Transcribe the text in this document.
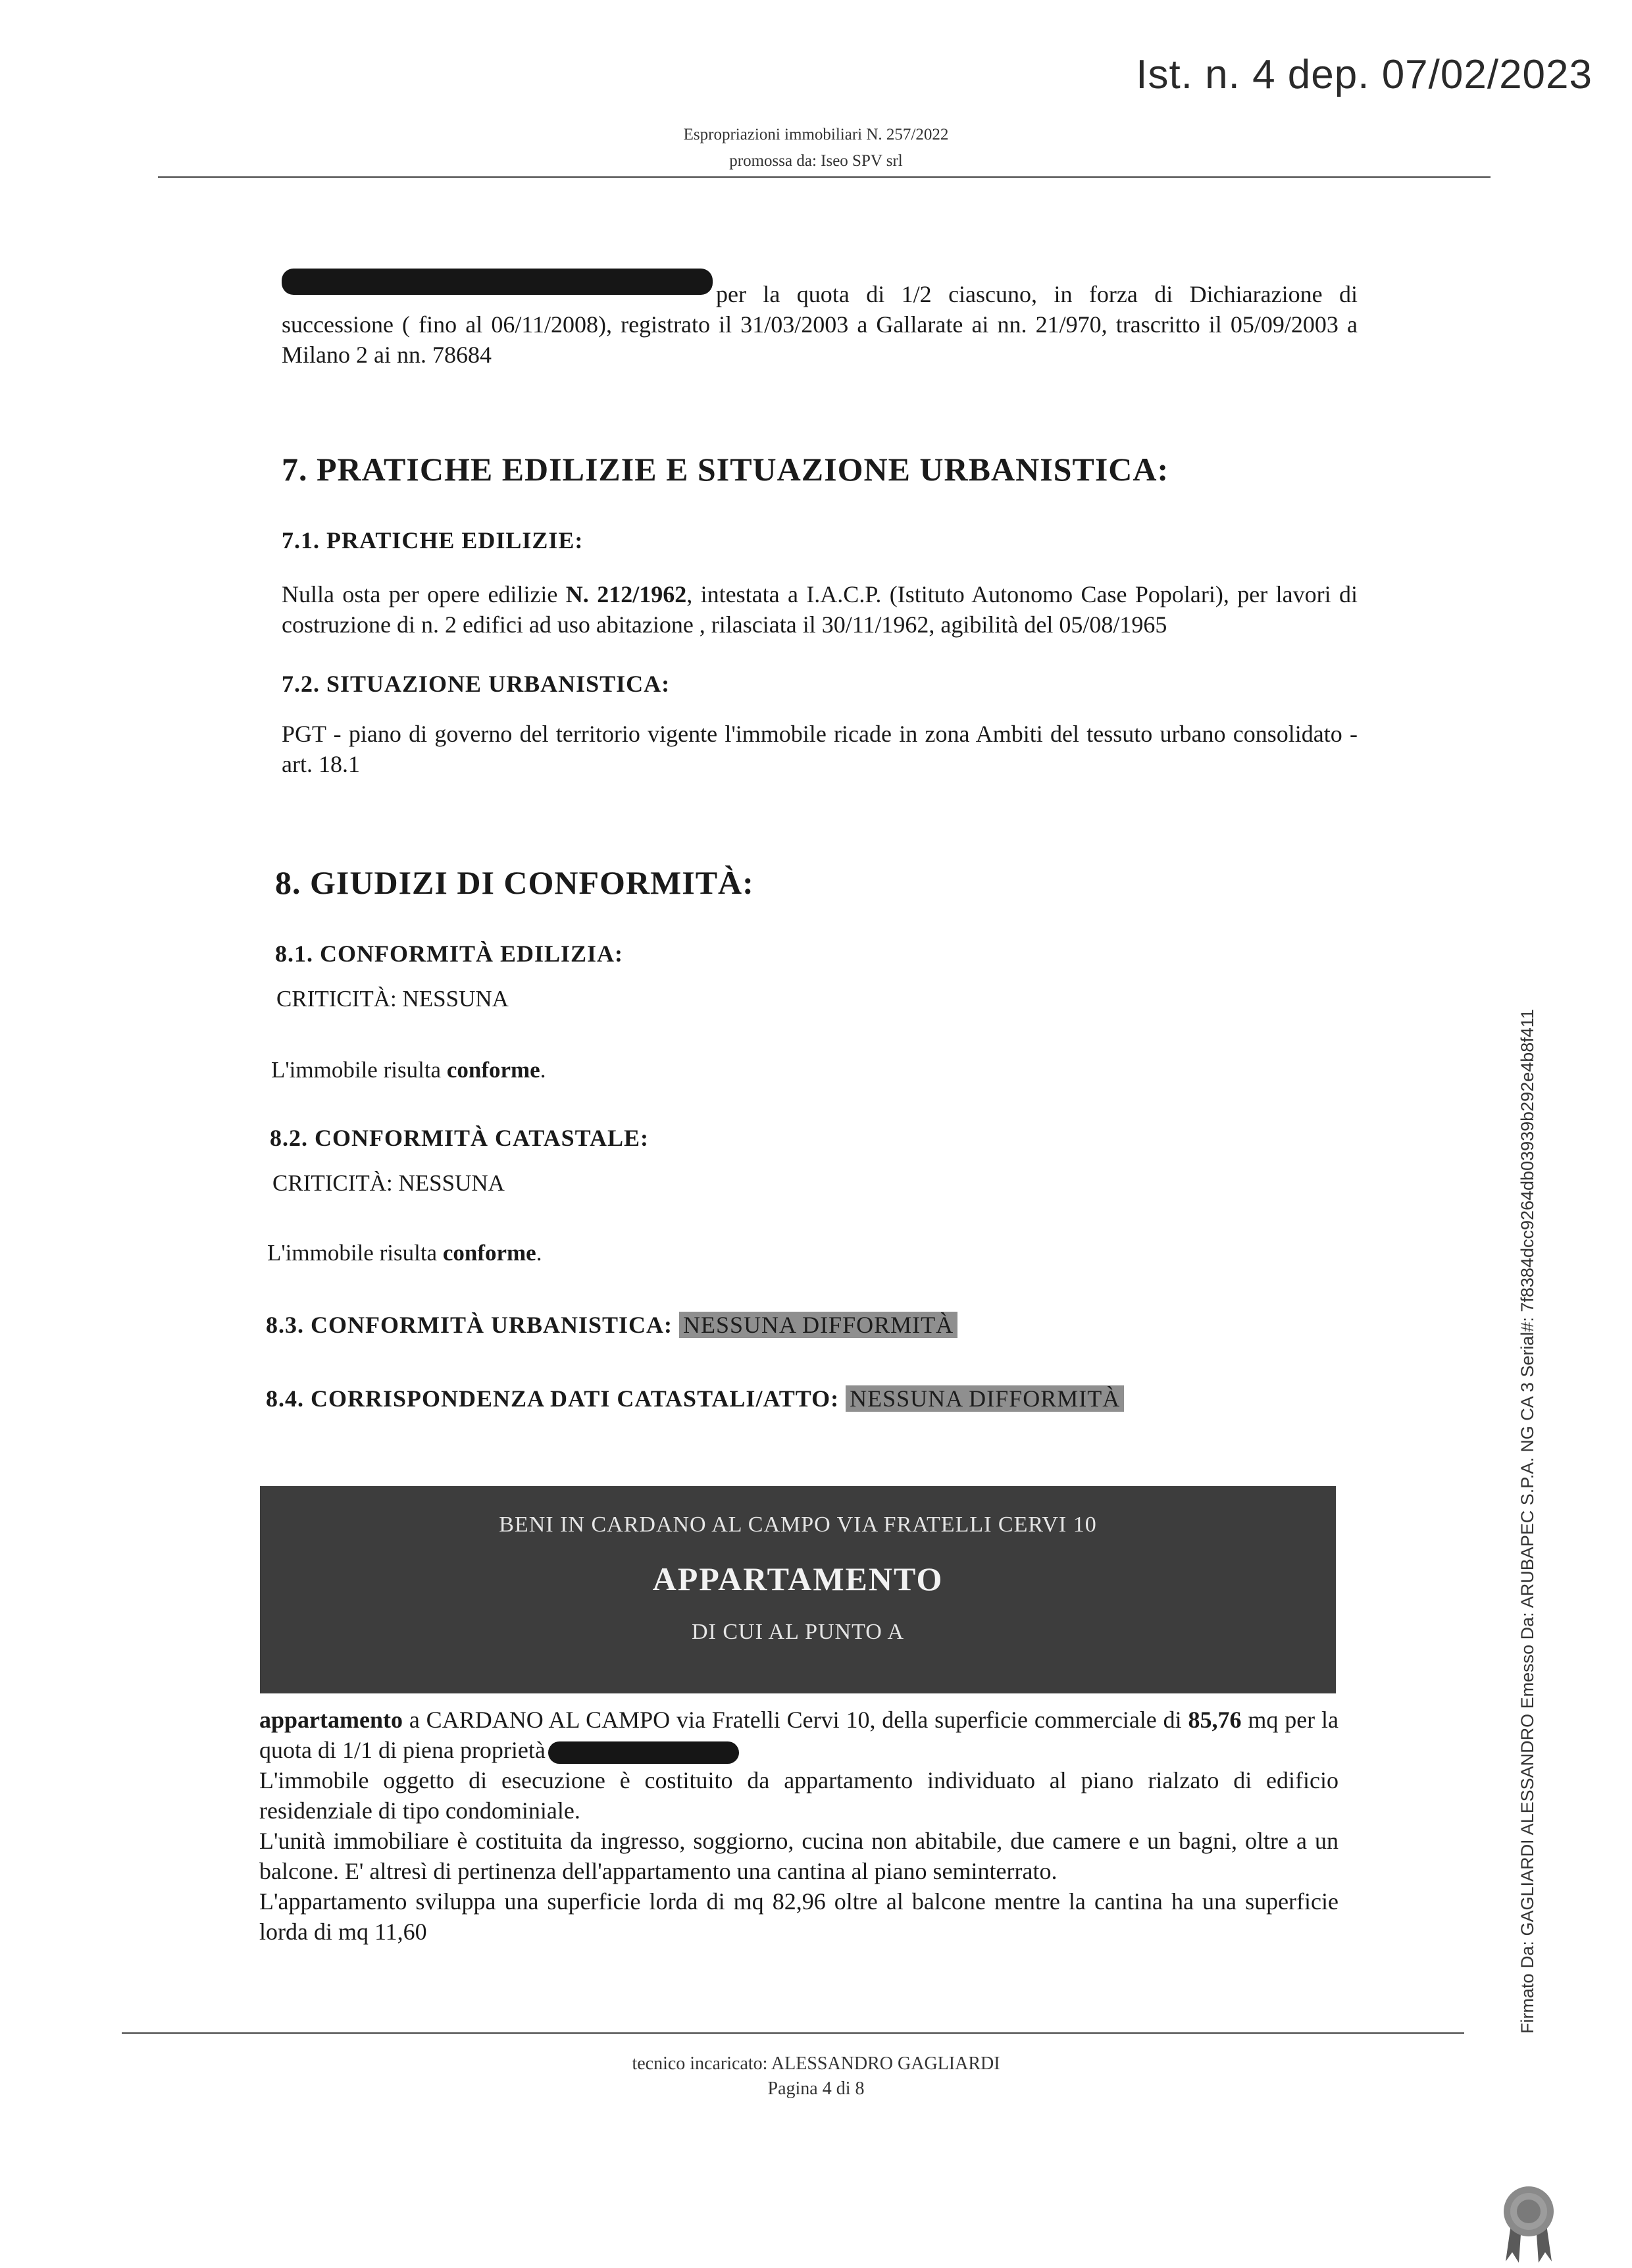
Ist. n. 4 dep. 07/02/2023
Espropriazioni immobiliari N. 257/2022
promossa da: Iseo SPV srl
per la quota di 1/2 ciascuno, in forza di Dichiarazione di successione ( fino al 06/11/2008), registrato il 31/03/2003 a Gallarate ai nn. 21/970, trascritto il 05/09/2003 a Milano 2 ai nn. 78684
7. PRATICHE EDILIZIE E SITUAZIONE URBANISTICA:
7.1. PRATICHE EDILIZIE:
Nulla osta per opere edilizie N. 212/1962, intestata a I.A.C.P. (Istituto Autonomo Case Popolari), per lavori di costruzione di n. 2 edifici ad uso abitazione , rilasciata il 30/11/1962, agibilità del 05/08/1965
7.2. SITUAZIONE URBANISTICA:
PGT - piano di governo del territorio vigente l'immobile ricade in zona Ambiti del tessuto urbano consolidato - art. 18.1
8. GIUDIZI DI CONFORMITÀ:
8.1. CONFORMITÀ EDILIZIA:
CRITICITÀ: NESSUNA
L'immobile risulta conforme.
8.2. CONFORMITÀ CATASTALE:
CRITICITÀ: NESSUNA
L'immobile risulta conforme.
8.3. CONFORMITÀ URBANISTICA: NESSUNA DIFFORMITÀ
8.4. CORRISPONDENZA DATI CATASTALI/ATTO: NESSUNA DIFFORMITÀ
BENI IN CARDANO AL CAMPO VIA FRATELLI CERVI 10
APPARTAMENTO
DI CUI AL PUNTO A
appartamento a CARDANO AL CAMPO via Fratelli Cervi 10, della superficie commerciale di 85,76 mq per la quota di 1/1 di piena proprietà
L'immobile oggetto di esecuzione è costituito da appartamento individuato al piano rialzato di edificio residenziale di tipo condominiale.
L'unità immobiliare è costituita da ingresso, soggiorno, cucina non abitabile, due camere e un bagni, oltre a un balcone. E' altresì di pertinenza dell'appartamento una cantina al piano seminterrato.
L'appartamento sviluppa una superficie lorda di mq 82,96 oltre al balcone mentre la cantina ha una superficie lorda di mq 11,60
tecnico incaricato: ALESSANDRO GAGLIARDI
Pagina 4 di 8
Firmato Da: GAGLIARDI ALESSANDRO Emesso Da: ARUBAPEC S.P.A. NG CA 3 Serial#: 7f8384dcc9264db03939b292e4b8f411
